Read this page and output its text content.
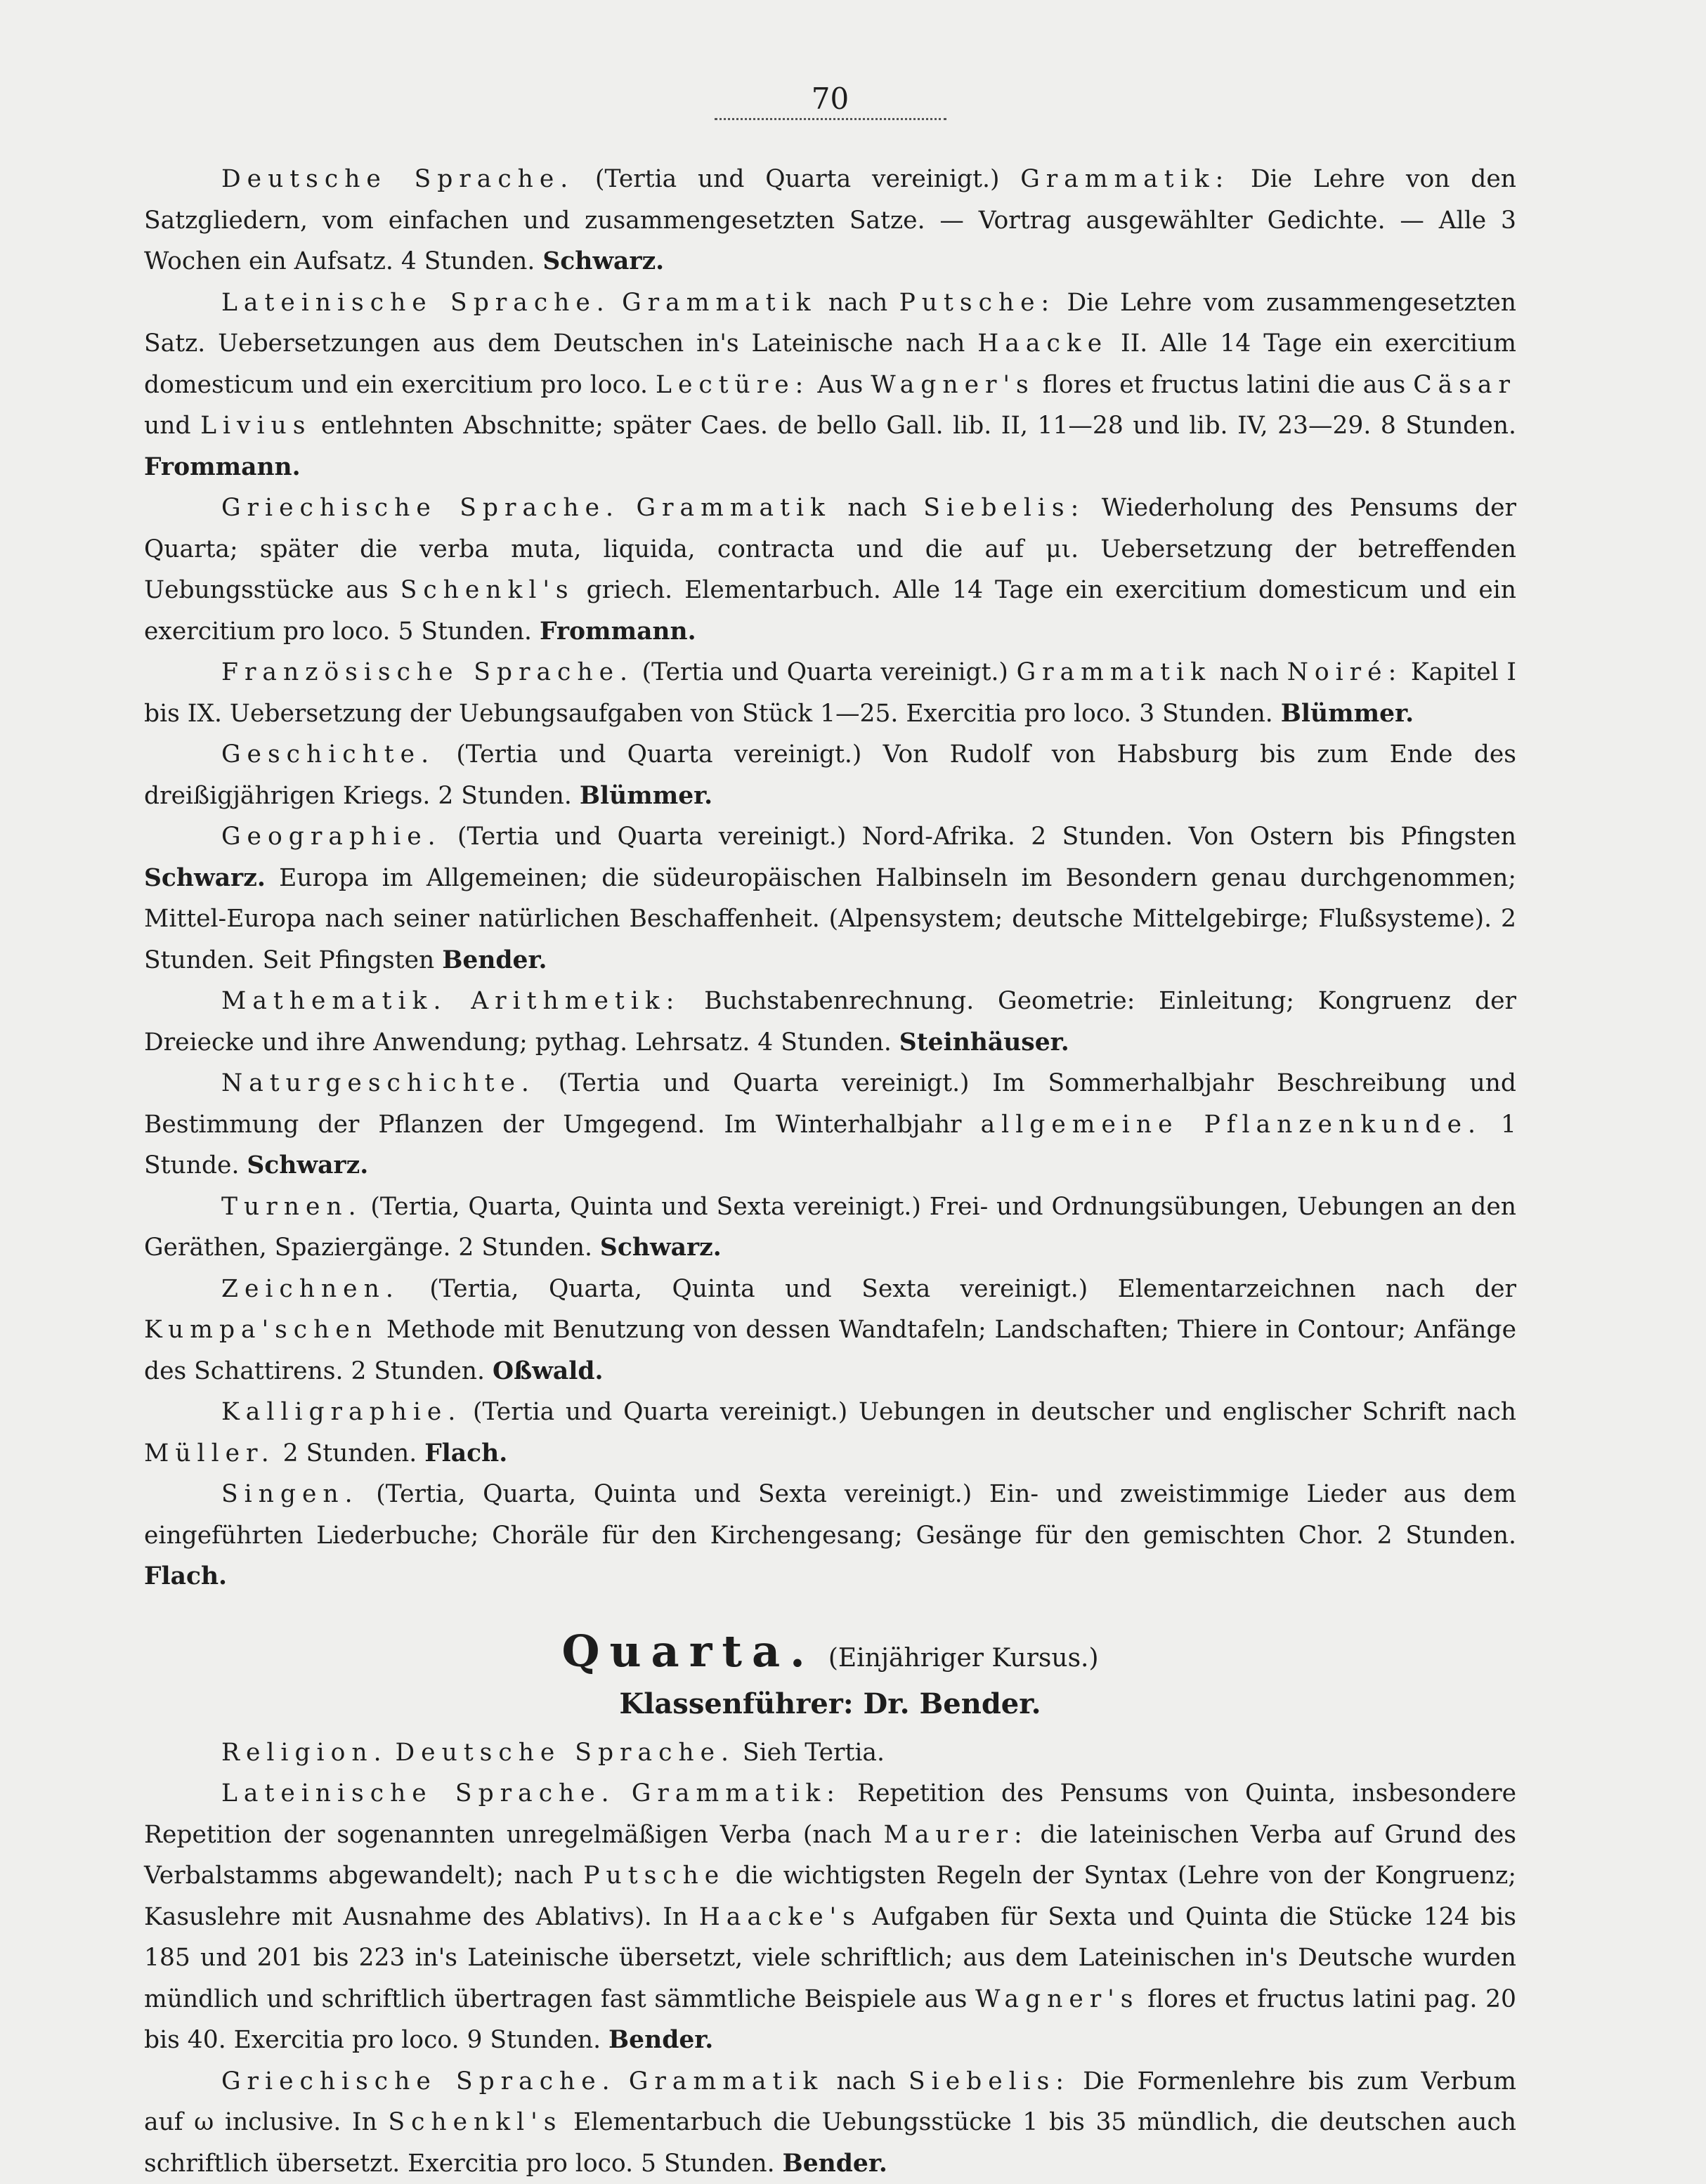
70

Deutsche Sprache. (Tertia und Quarta vereinigt.) Grammatik: Die Lehre von den Satzgliedern, vom einfachen und zusammengesetzten Satze. — Vortrag ausgewählter Gedichte. — Alle 3 Wochen ein Aufsatz. 4 Stunden. Schwarz.

Lateinische Sprache. Grammatik nach Putsche: Die Lehre vom zusammengesetzten Satz. Uebersetzungen aus dem Deutschen in's Lateinische nach Haacke II. Alle 14 Tage ein exercitium domesticum und ein exercitium pro loco. Lectüre: Aus Wagner's flores et fructus latini die aus Cäsar und Livius entlehnten Abschnitte; später Caes. de bello Gall. lib. II, 11—28 und lib. IV, 23—29. 8 Stunden. Frommann.

Griechische Sprache. Grammatik nach Siebelis: Wiederholung des Pensums der Quarta; später die verba muta, liquida, contracta und die auf μι. Uebersetzung der betreffenden Uebungsstücke aus Schenkl's griech. Elementarbuch. Alle 14 Tage ein exercitium domesticum und ein exercitium pro loco. 5 Stunden. Frommann.

Französische Sprache. (Tertia und Quarta vereinigt.) Grammatik nach Noiré: Kapitel I bis IX. Uebersetzung der Uebungsaufgaben von Stück 1—25. Exercitia pro loco. 3 Stunden. Blümmer.

Geschichte. (Tertia und Quarta vereinigt.) Von Rudolf von Habsburg bis zum Ende des dreißigjährigen Kriegs. 2 Stunden. Blümmer.

Geographie. (Tertia und Quarta vereinigt.) Nord-Afrika. 2 Stunden. Von Ostern bis Pfingsten Schwarz. Europa im Allgemeinen; die südeuropäischen Halbinseln im Besondern genau durchgenommen; Mittel-Europa nach seiner natürlichen Beschaffenheit. (Alpensystem; deutsche Mittelgebirge; Flußsysteme). 2 Stunden. Seit Pfingsten Bender.

Mathematik. Arithmetik: Buchstabenrechnung. Geometrie: Einleitung; Kongruenz der Dreiecke und ihre Anwendung; pythag. Lehrsatz. 4 Stunden. Steinhäuser.

Naturgeschichte. (Tertia und Quarta vereinigt.) Im Sommerhalbjahr Beschreibung und Bestimmung der Pflanzen der Umgegend. Im Winterhalbjahr allgemeine Pflanzenkunde. 1 Stunde. Schwarz.

Turnen. (Tertia, Quarta, Quinta und Sexta vereinigt.) Frei- und Ordnungsübungen, Uebungen an den Geräthen, Spaziergänge. 2 Stunden. Schwarz.

Zeichnen. (Tertia, Quarta, Quinta und Sexta vereinigt.) Elementarzeichnen nach der Kumpa'schen Methode mit Benutzung von dessen Wandtafeln; Landschaften; Thiere in Contour; Anfänge des Schattirens. 2 Stunden. Oßwald.

Kalligraphie. (Tertia und Quarta vereinigt.) Uebungen in deutscher und englischer Schrift nach Müller. 2 Stunden. Flach.

Singen. (Tertia, Quarta, Quinta und Sexta vereinigt.) Ein- und zweistimmige Lieder aus dem eingeführten Liederbuche; Choräle für den Kirchengesang; Gesänge für den gemischten Chor. 2 Stunden. Flach.

Quarta. (Einjähriger Kursus.)
Klassenführer: Dr. Bender.

Religion. Deutsche Sprache. Sieh Tertia.

Lateinische Sprache. Grammatik: Repetition des Pensums von Quinta, insbesondere Repetition der sogenannten unregelmäßigen Verba (nach Maurer: die lateinischen Verba auf Grund des Verbalstamms abgewandelt); nach Putsche die wichtigsten Regeln der Syntax (Lehre von der Kongruenz; Kasuslehre mit Ausnahme des Ablativs). In Haacke's Aufgaben für Sexta und Quinta die Stücke 124 bis 185 und 201 bis 223 in's Lateinische übersetzt, viele schriftlich; aus dem Lateinischen in's Deutsche wurden mündlich und schriftlich übertragen fast sämmtliche Beispiele aus Wagner's flores et fructus latini pag. 20 bis 40. Exercitia pro loco. 9 Stunden. Bender.

Griechische Sprache. Grammatik nach Siebelis: Die Formenlehre bis zum Verbum auf ω inclusive. In Schenkl's Elementarbuch die Uebungsstücke 1 bis 35 mündlich, die deutschen auch schriftlich übersetzt. Exercitia pro loco. 5 Stunden. Bender.
